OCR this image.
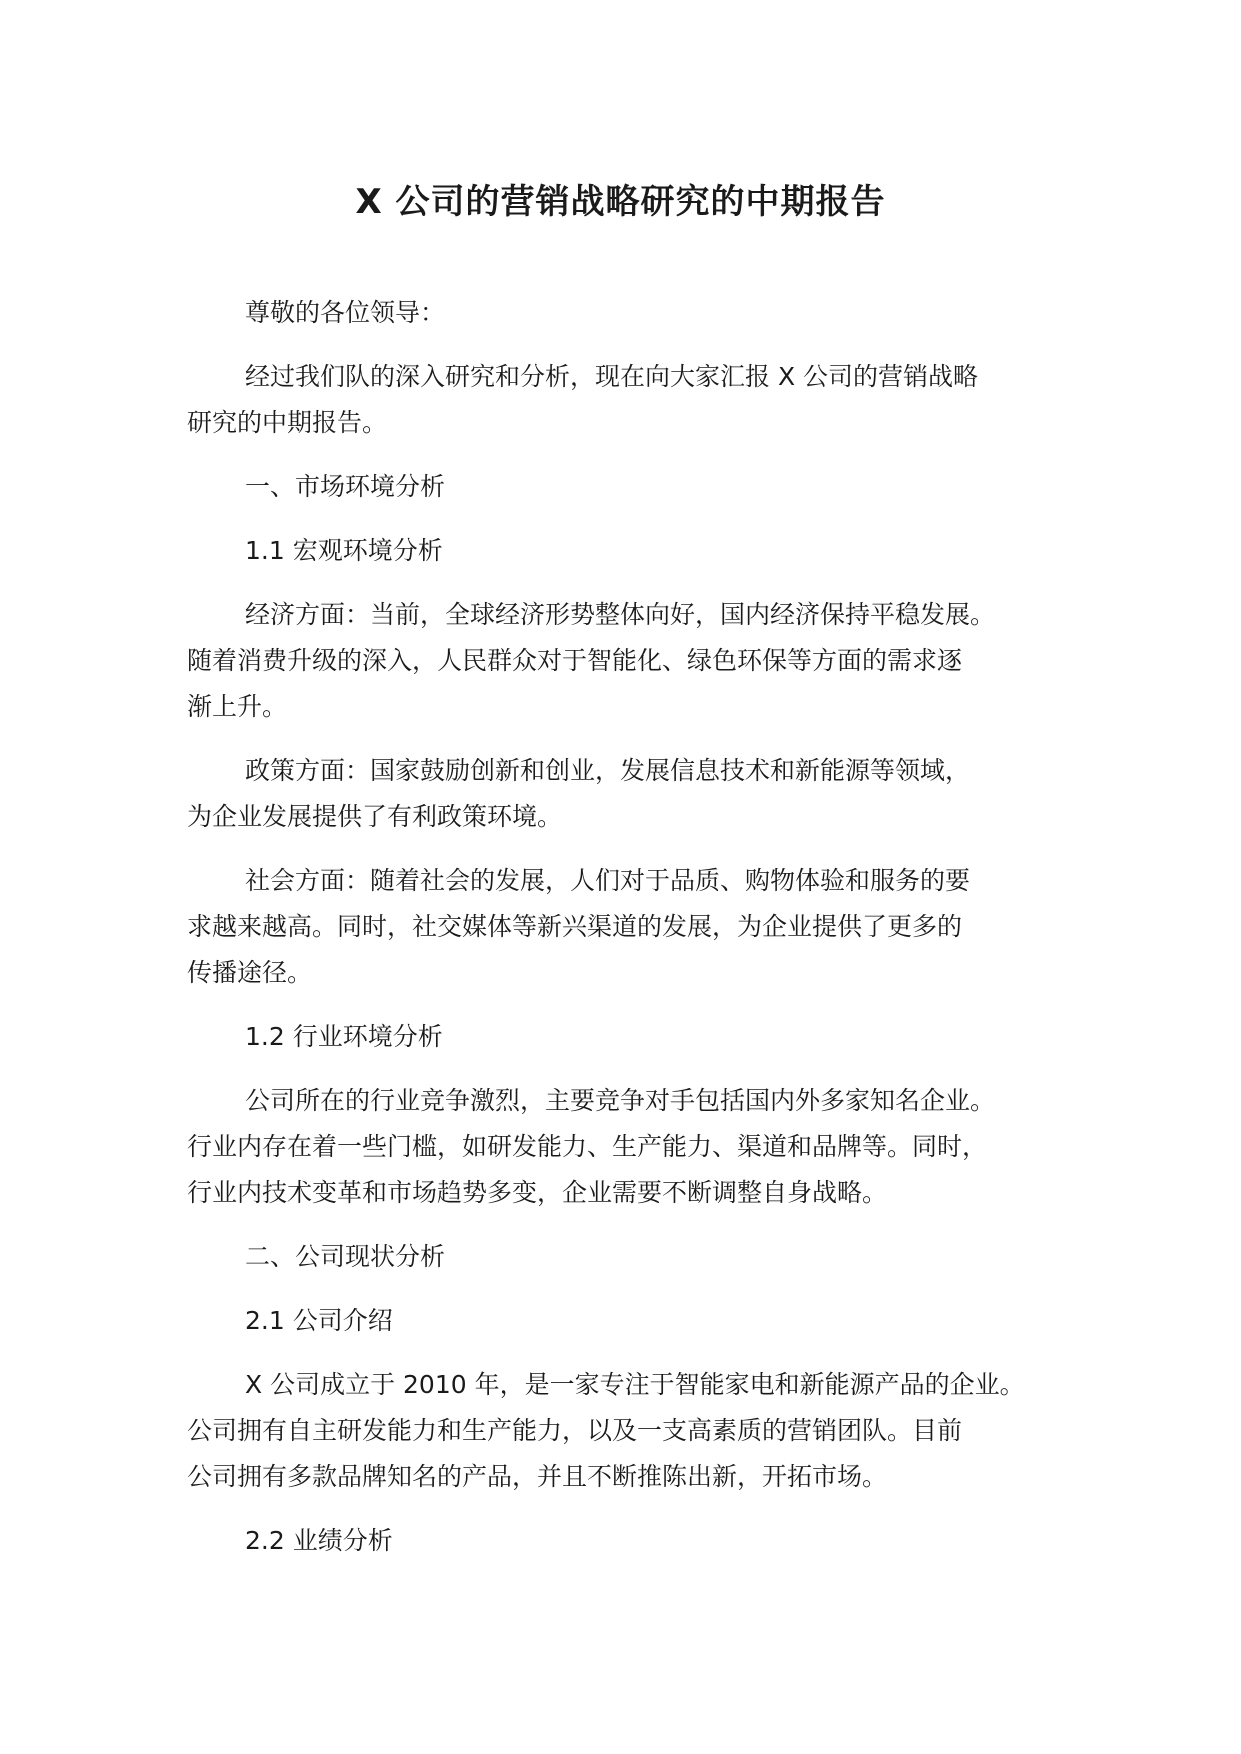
X 公司的营销战略研究的中期报告

尊敬的各位领导：

经过我们队的深入研究和分析，现在向大家汇报 X 公司的营销战略
研究的中期报告。

一、市场环境分析

1.1 宏观环境分析

经济方面：当前，全球经济形势整体向好，国内经济保持平稳发展。
随着消费升级的深入，人民群众对于智能化、绿色环保等方面的需求逐
渐上升。

政策方面：国家鼓励创新和创业，发展信息技术和新能源等领域，
为企业发展提供了有利政策环境。

社会方面：随着社会的发展，人们对于品质、购物体验和服务的要
求越来越高。同时，社交媒体等新兴渠道的发展，为企业提供了更多的
传播途径。

1.2 行业环境分析

公司所在的行业竞争激烈，主要竞争对手包括国内外多家知名企业。
行业内存在着一些门槛，如研发能力、生产能力、渠道和品牌等。同时，
行业内技术变革和市场趋势多变，企业需要不断调整自身战略。

二、公司现状分析

2.1 公司介绍

X 公司成立于 2010 年，是一家专注于智能家电和新能源产品的企业。
公司拥有自主研发能力和生产能力，以及一支高素质的营销团队。目前
公司拥有多款品牌知名的产品，并且不断推陈出新，开拓市场。

2.2 业绩分析
